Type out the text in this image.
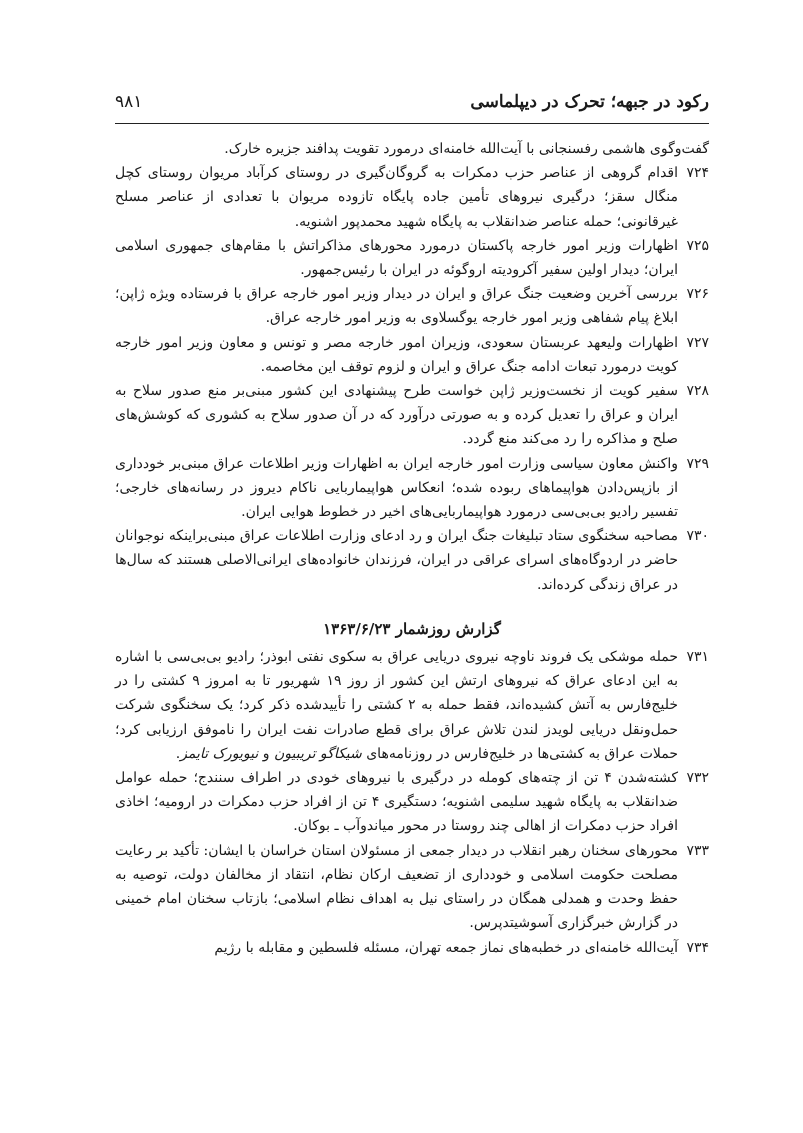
رکود در جبهه؛ تحرک در دیپلماسی
۹۸۱

گفت‌وگوی هاشمی رفسنجانی با آیت‌الله خامنه‌ای درمورد تقویت پدافند جزیره خارک.

۷۲۴
اقدام گروهی از عناصر حزب دمکرات به گروگان‌گیری در روستای کرآباد مریوان روستای کچل منگال سقز؛ درگیری نیروهای تأمین جاده پایگاه تازوده مریوان با تعدادی از عناصر مسلح غیرقانونی؛ حمله عناصر ضدانقلاب به پایگاه شهید محمدپور اشنویه.
۷۲۵
اظهارات وزیر امور خارجه پاکستان درمورد محورهای مذاکراتش با مقام‌های جمهوری اسلامی ایران؛ دیدار اولین سفیر آکرودیته اروگوئه در ایران با رئیس‌جمهور.
۷۲۶
بررسی آخرین وضعیت جنگ عراق و ایران در دیدار وزیر امور خارجه عراق با فرستاده ویژه ژاپن؛ ابلاغ پیام شفاهی وزیر امور خارجه یوگسلاوی به وزیر امور خارجه عراق.
۷۲۷
اظهارات ولیعهد عربستان سعودی، وزیران امور خارجه مصر و تونس و معاون وزیر امور خارجه کویت درمورد تبعات ادامه جنگ عراق و ایران و لزوم توقف این مخاصمه.
۷۲۸
سفیر کویت از نخست‌وزیر ژاپن خواست طرح پیشنهادی این کشور مبنی‌بر منع صدور سلاح به ایران و عراق را تعدیل کرده و به صورتی درآورد که در آن صدور سلاح به کشوری که کوشش‌های صلح و مذاکره را رد می‌کند منع گردد.
۷۲۹
واکنش معاون سیاسی وزارت امور خارجه ایران به اظهارات وزیر اطلاعات عراق مبنی‌بر خودداری از بازپس‌دادن هواپیماهای ربوده شده؛ انعکاس هواپیماربایی ناکام دیروز در رسانه‌های خارجی؛ تفسیر رادیو بی‌بی‌سی درمورد هواپیماربایی‌های اخیر در خطوط هوایی ایران.
۷۳۰
مصاحبه سخنگوی ستاد تبلیغات جنگ ایران و رد ادعای وزارت اطلاعات عراق مبنی‌براینکه نوجوانان حاضر در اردوگاه‌های اسرای عراقی در ایران، فرزندان خانواده‌های ایرانی‌الاصلی هستند که سال‌ها در عراق زندگی کرده‌اند.
گزارش روزشمار ۱۳۶۳/۶/۲۳
۷۳۱
حمله موشکی یک فروند ناوچه نیروی دریایی عراق به سکوی نفتی ابوذر؛ رادیو بی‌بی‌سی با اشاره به این ادعای عراق که نیروهای ارتش این کشور از روز ۱۹ شهریور تا به امروز ۹ کشتی را در خلیج‌فارس به آتش کشیده‌اند، فقط حمله به ۲ کشتی را تأییدشده ذکر کرد؛ یک سخنگوی شرکت حمل‌ونقل دریایی لویدز لندن تلاش عراق برای قطع صادرات نفت ایران را ناموفق ارزیابی کرد؛ حملات عراق به کشتی‌ها در خلیج‌فارس در روزنامه‌های شیکاگو تریبیون و نیویورک تایمز.
۷۳۲
کشته‌شدن ۴ تن از چته‌های کومله در درگیری با نیروهای خودی در اطراف سنندج؛ حمله عوامل ضدانقلاب به پایگاه شهید سلیمی اشنویه؛ دستگیری ۴ تن از افراد حزب دمکرات در ارومیه؛ اخاذی افراد حزب دمکرات از اهالی چند روستا در محور میاندوآب ـ بوکان.
۷۳۳
محورهای سخنان رهبر انقلاب در دیدار جمعی از مسئولان استان خراسان با ایشان: تأکید بر رعایت مصلحت حکومت اسلامی و خودداری از تضعیف ارکان نظام، انتقاد از مخالفان دولت، توصیه به حفظ وحدت و همدلی همگان در راستای نیل به اهداف نظام اسلامی؛ بازتاب سخنان امام خمینی در گزارش خبرگزاری آسوشیتدپرس.
۷۳۴
آیت‌الله خامنه‌ای در خطبه‌های نماز جمعه تهران، مسئله فلسطین و مقابله با رژیم
